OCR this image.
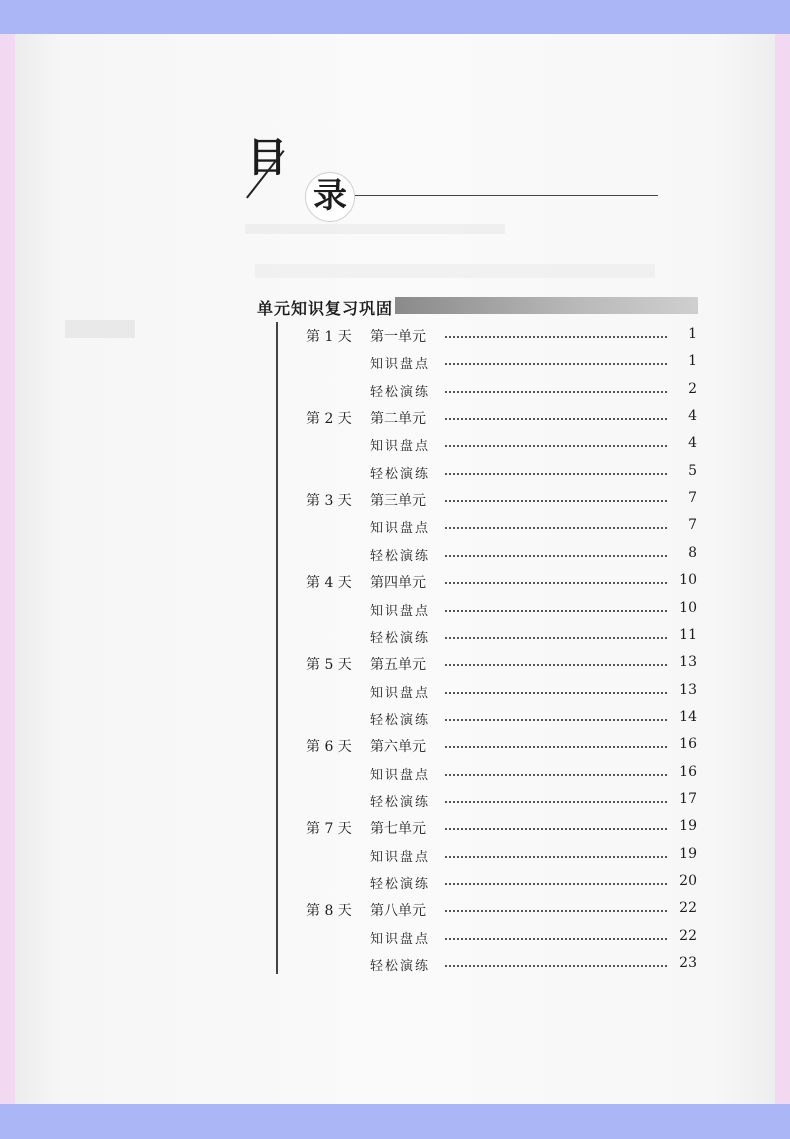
目
录
单元知识复习巩固
第 1 天 第一单元	1
知识盘点	1
轻松演练	2
第 2 天 第二单元	4
知识盘点	4
轻松演练	5
第 3 天 第三单元	7
知识盘点	7
轻松演练	8
第 4 天 第四单元	10
知识盘点	10
轻松演练	11
第 5 天 第五单元	13
知识盘点	13
轻松演练	14
第 6 天 第六单元	16
知识盘点	16
轻松演练	17
第 7 天 第七单元	19
知识盘点	19
轻松演练	20
第 8 天 第八单元	22
知识盘点	22
轻松演练	23
